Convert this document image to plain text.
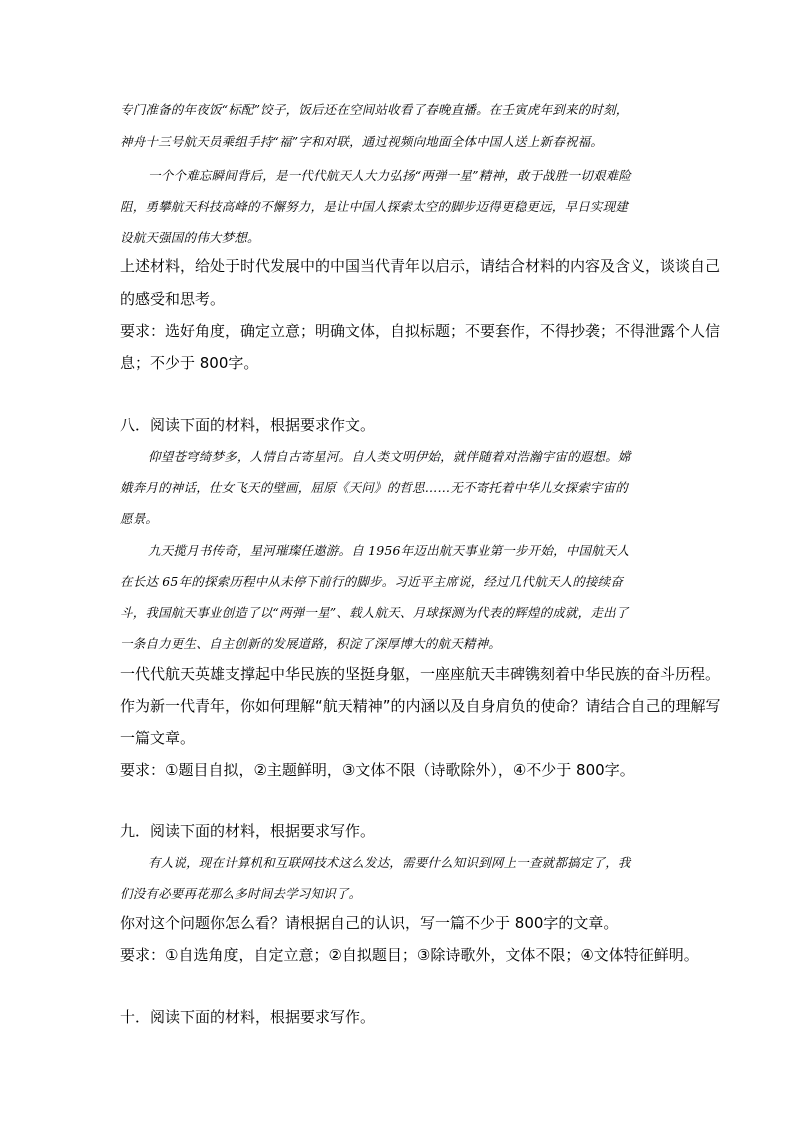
专门准备的年夜饭“标配”饺子，饭后还在空间站收看了春晚直播。在壬寅虎年到来的时刻，
神舟十三号航天员乘组手持“福”字和对联，通过视频向地面全体中国人送上新春祝福。
一个个难忘瞬间背后，是一代代航天人大力弘扬“两弹一星”精神，敢于战胜一切艰难险
阻，勇攀航天科技高峰的不懈努力，是让中国人探索太空的脚步迈得更稳更远，早日实现建
设航天强国的伟大梦想。
上述材料，给处于时代发展中的中国当代青年以启示，请结合材料的内容及含义，谈谈自己
的感受和思考。
要求：选好角度，确定立意；明确文体，自拟标题；不要套作，不得抄袭；不得泄露个人信
息；不少于 800字。
八．阅读下面的材料，根据要求作文。
仰望苍穹绮梦多，人情自古寄星河。自人类文明伊始，就伴随着对浩瀚宇宙的遐想。嫦
娥奔月的神话，仕女飞天的壁画，屈原《天问》的哲思……无不寄托着中华儿女探索宇宙的
愿景。
九天揽月书传奇，星河璀璨任遨游。自 1956年迈出航天事业第一步开始，中国航天人
在长达 65年的探索历程中从未停下前行的脚步。习近平主席说，经过几代航天人的接续奋
斗，我国航天事业创造了以“两弹一星”、载人航天、月球探测为代表的辉煌的成就，走出了
一条自力更生、自主创新的发展道路，积淀了深厚博大的航天精神。
一代代航天英雄支撑起中华民族的坚挺身躯，一座座航天丰碑镌刻着中华民族的奋斗历程。
作为新一代青年，你如何理解“航天精神”的内涵以及自身肩负的使命？请结合自己的理解写
一篇文章。
要求：①题目自拟，②主题鲜明，③文体不限（诗歌除外），④不少于 800字。
九．阅读下面的材料，根据要求写作。
有人说，现在计算机和互联网技术这么发达，需要什么知识到网上一查就都搞定了，我
们没有必要再花那么多时间去学习知识了。
你对这个问题你怎么看？请根据自己的认识，写一篇不少于 800字的文章。
要求：①自选角度，自定立意；②自拟题目；③除诗歌外，文体不限；④文体特征鲜明。
十．阅读下面的材料，根据要求写作。
